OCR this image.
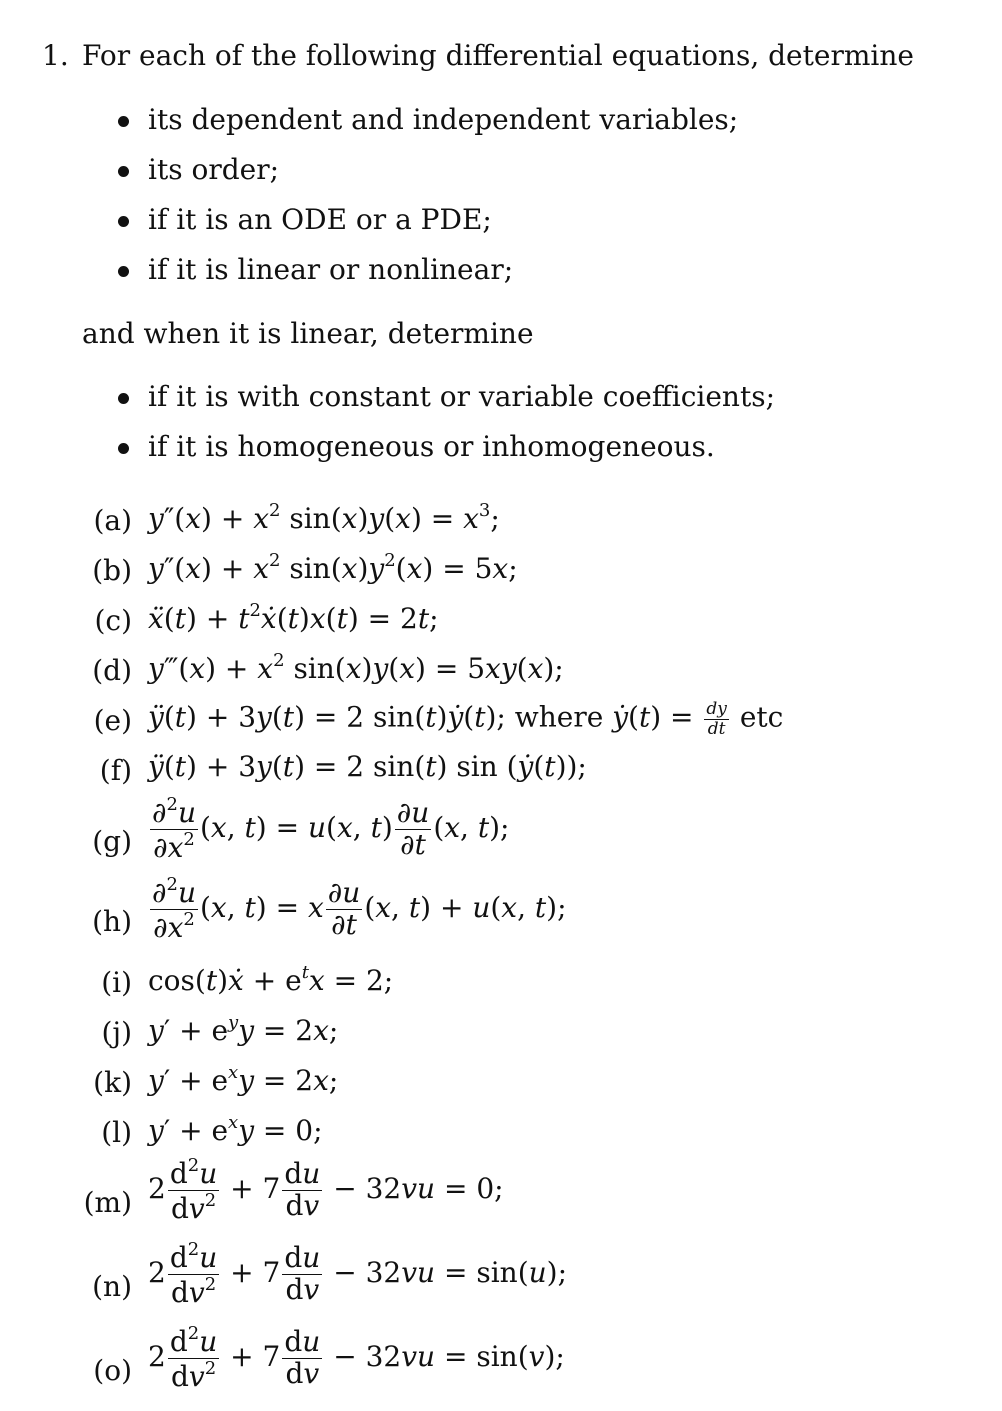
1. For each of the following differential equations, determine
its dependent and independent variables;
its order;
if it is an ODE or a PDE;
if it is linear or nonlinear;
and when it is linear, determine
if it is with constant or variable coefficients;
if it is homogeneous or inhomogeneous.
(a)
(b)
(c)
(d)
(e)
(f)
(g)
(h)
(i)
(j)
(k)
(l)
(m)
(n)
(o)
$y''(x) + x^2$ $\sin(x)y(x) = x^3$;
$y''(x) + x^2$ $\sin(x)y^2(x) = 5x$;
ẍ(t) + $t^2ẋ(t)x(t) = 2t$;
y‴(x) + $x^2$ sin(x)y(x) = 5xy(x);
ÿ(t) + 3y(t) = 2 sin(t)ẏ(t); where ẏ(t) = $\frac{dy}{dt}$ etc
ÿ(t) + 3y(t) = 2 sin(t) sin (ẏ(t));
$\frac{\partial^2u}{\partial x^2} (x$, t) = u(x, $t) \frac{\partial u}{\partial t} (x$, t);
$\frac{\partial^2u}{\partial x^2} (x$, t) = x $\frac{\partial u}{\partial t} (x$, t) + u(x, t);
cos(t)ẋ + $e^tx = 2$;
$y' + e^yy = 2x$;
$y' + e^xy = 2x$;
$y' + e^xy = 0$;
$2 \frac{d^2u}{dv^2} + 7 \frac{du}{dv} - 32vu = 0$;
$2 \frac{d^2u}{dv^2} + 7 \frac{du}{dv} - 32vu = \sin(u)$;
$2 \frac{d^2u}{dv^2} + 7 \frac{du}{dv} - 32vu = \sin(v)$;
